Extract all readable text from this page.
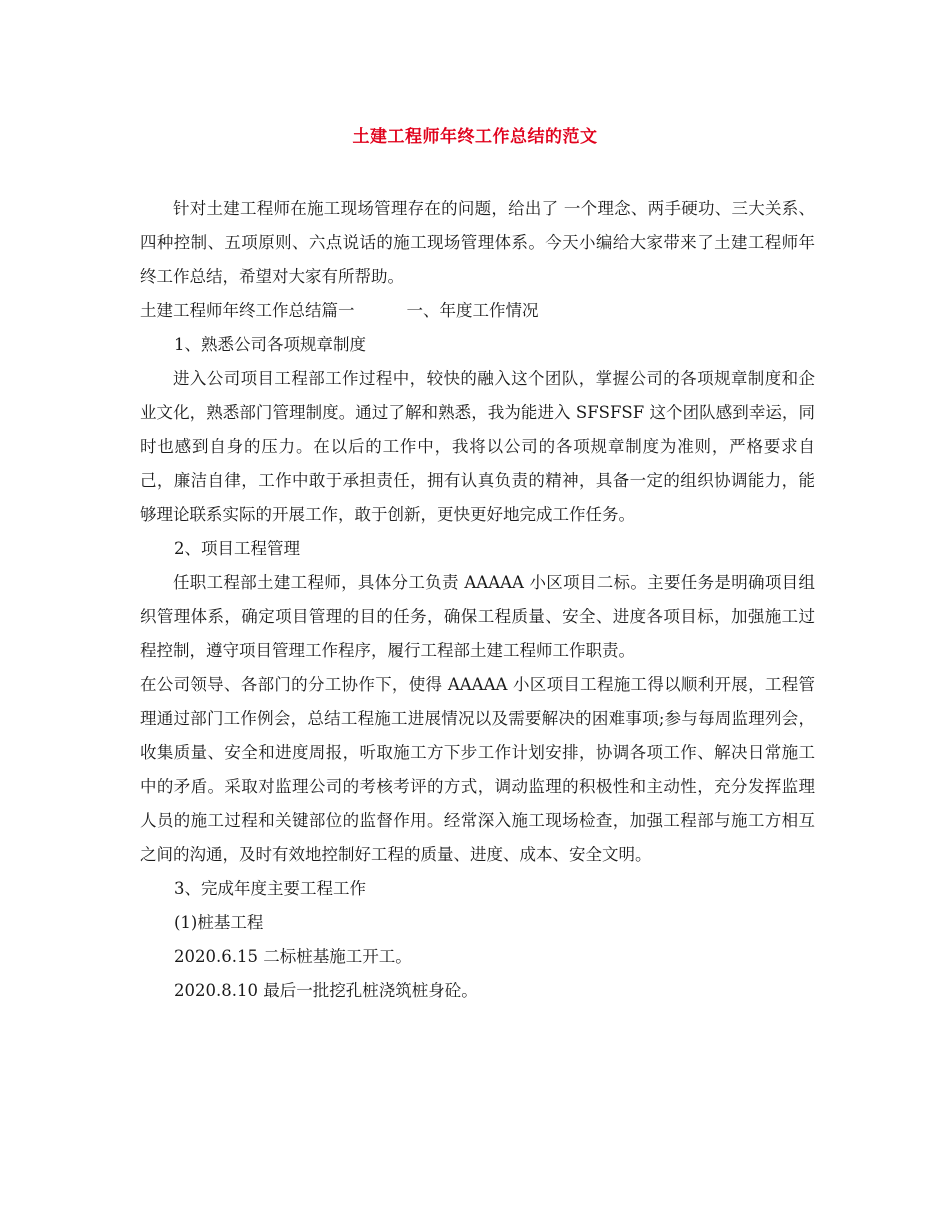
土建工程师年终工作总结的范文

针对土建工程师在施工现场管理存在的问题，给出了 一个理念、两手硬功、三大关系、四种控制、五项原则、六点说话的施工现场管理体系。今天小编给大家带来了土建工程师年终工作总结，希望对大家有所帮助。

土建工程师年终工作总结篇一	一、年度工作情况

1、熟悉公司各项规章制度

进入公司项目工程部工作过程中，较快的融入这个团队，掌握公司的各项规章制度和企业文化，熟悉部门管理制度。通过了解和熟悉，我为能进入 SFSFSF 这个团队感到幸运，同时也感到自身的压力。在以后的工作中，我将以公司的各项规章制度为准则，严格要求自己，廉洁自律，工作中敢于承担责任，拥有认真负责的精神，具备一定的组织协调能力，能够理论联系实际的开展工作，敢于创新，更快更好地完成工作任务。

2、项目工程管理

任职工程部土建工程师，具体分工负责 AAAAA 小区项目二标。主要任务是明确项目组织管理体系，确定项目管理的目的任务，确保工程质量、安全、进度各项目标，加强施工过程控制，遵守项目管理工作程序，履行工程部土建工程师工作职责。

在公司领导、各部门的分工协作下，使得 AAAAA 小区项目工程施工得以顺利开展，工程管理通过部门工作例会，总结工程施工进展情况以及需要解决的困难事项;参与每周监理列会，收集质量、安全和进度周报，听取施工方下步工作计划安排，协调各项工作、解决日常施工中的矛盾。采取对监理公司的考核考评的方式，调动监理的积极性和主动性，充分发挥监理人员的施工过程和关键部位的监督作用。经常深入施工现场检查，加强工程部与施工方相互之间的沟通，及时有效地控制好工程的质量、进度、成本、安全文明。

3、完成年度主要工程工作

(1)桩基工程

2020.6.15 二标桩基施工开工。

2020.8.10 最后一批挖孔桩浇筑桩身砼。
